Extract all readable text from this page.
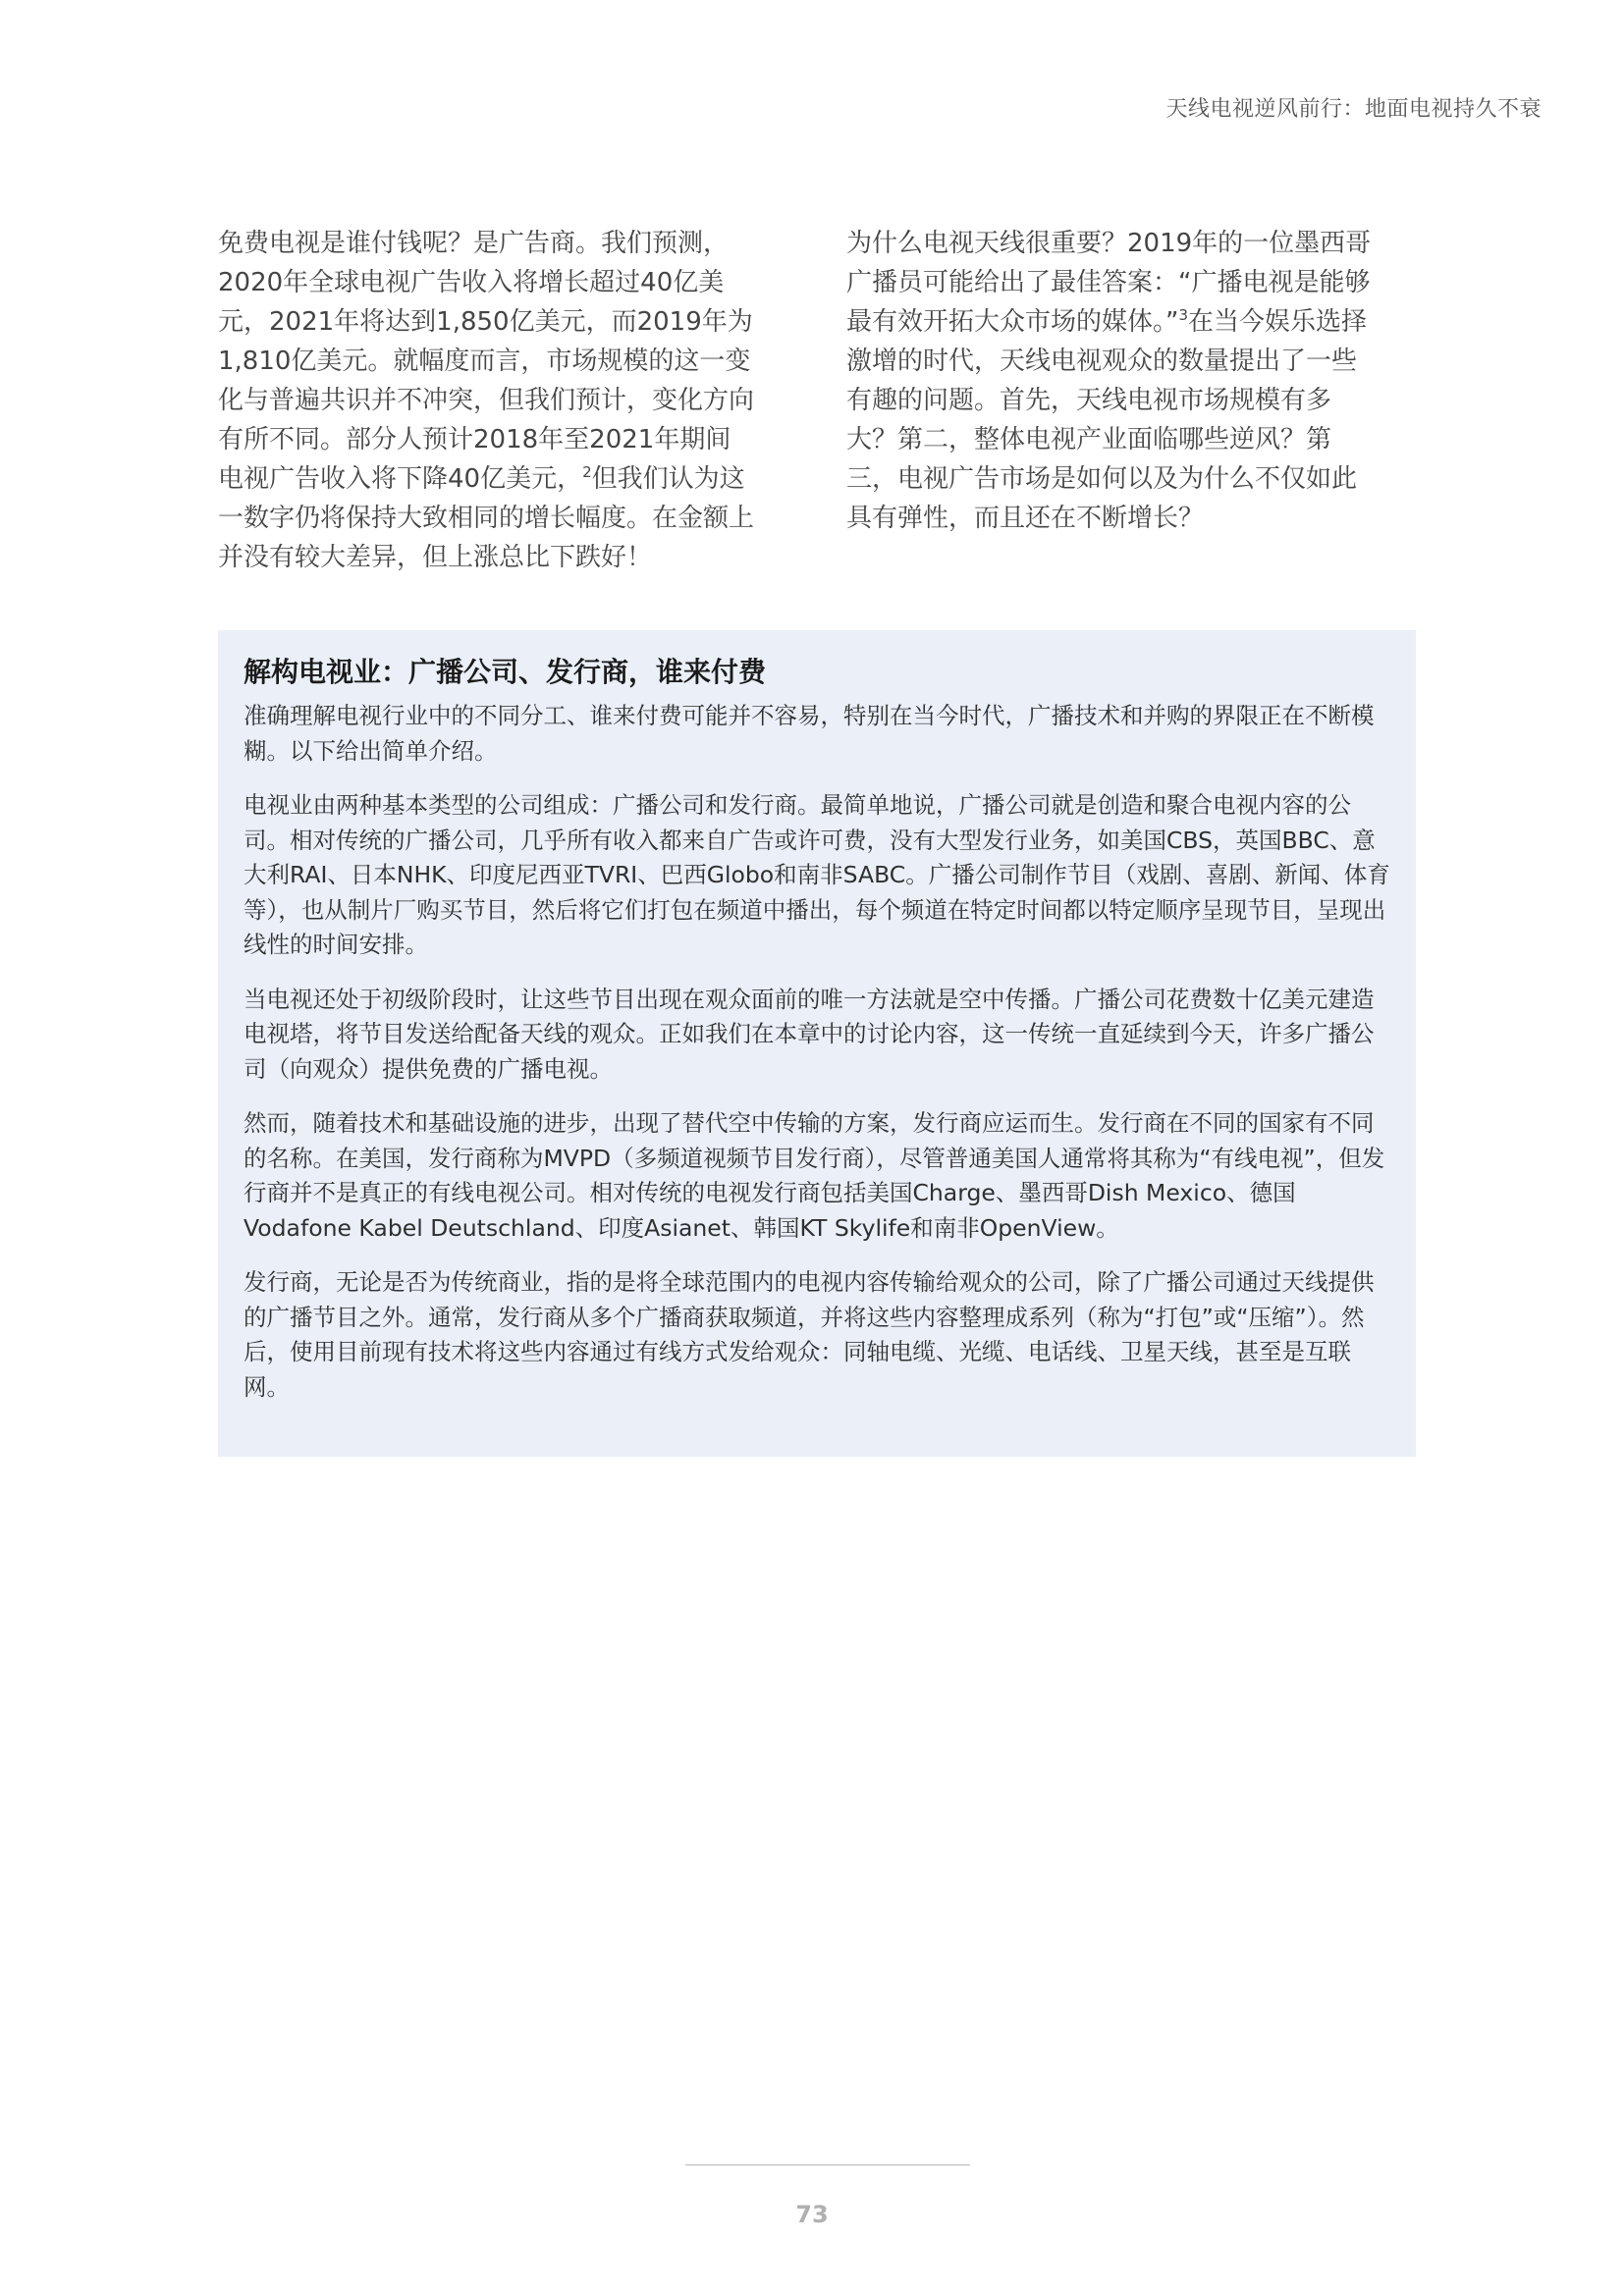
天线电视逆风前行：地面电视持久不衰

免费电视是谁付钱呢？是广告商。我们预测，2020年全球电视广告收入将增长超过40亿美元，2021年将达到1,850亿美元，而2019年为1,810亿美元。就幅度而言，市场规模的这一变化与普遍共识并不冲突，但我们预计，变化方向有所不同。部分人预计2018年至2021年期间电视广告收入将下降40亿美元，$^2$但我们认为这一数字仍将保持大致相同的增长幅度。在金额上并没有较大差异，但上涨总比下跌好！

为什么电视天线很重要？2019年的一位墨西哥广播员可能给出了最佳答案：“广播电视是能够最有效开拓大众市场的媒体。”$^3$在当今娱乐选择激增的时代，天线电视观众的数量提出了一些有趣的问题。首先，天线电视市场规模有多大？第二，整体电视产业面临哪些逆风？第三，电视广告市场是如何以及为什么不仅如此具有弹性，而且还在不断增长？

解构电视业：广播公司、发行商，谁来付费

准确理解电视行业中的不同分工、谁来付费可能并不容易，特别在当今时代，广播技术和并购的界限正在不断模糊。以下给出简单介绍。

电视业由两种基本类型的公司组成：广播公司和发行商。最简单地说，广播公司就是创造和聚合电视内容的公司。相对传统的广播公司，几乎所有收入都来自广告或许可费，没有大型发行业务，如美国CBS，英国BBC、意大利RAI、日本NHK、印度尼西亚TVRI、巴西Globo和南非SABC。广播公司制作节目（戏剧、喜剧、新闻、体育等），也从制片厂购买节目，然后将它们打包在频道中播出，每个频道在特定时间都以特定顺序呈现节目，呈现出线性的时间安排。

当电视还处于初级阶段时，让这些节目出现在观众面前的唯一方法就是空中传播。广播公司花费数十亿美元建造电视塔，将节目发送给配备天线的观众。正如我们在本章中的讨论内容，这一传统一直延续到今天，许多广播公司（向观众）提供免费的广播电视。

然而，随着技术和基础设施的进步，出现了替代空中传输的方案，发行商应运而生。发行商在不同的国家有不同的名称。在美国，发行商称为MVPD（多频道视频节目发行商），尽管普通美国人通常将其称为“有线电视”，但发行商并不是真正的有线电视公司。相对传统的电视发行商包括美国Charge、墨西哥Dish Mexico、德国Vodafone Kabel Deutschland、印度Asianet、韩国KT Skylife和南非OpenView。

发行商，无论是否为传统商业，指的是将全球范围内的电视内容传输给观众的公司，除了广播公司通过天线提供的广播节目之外。通常，发行商从多个广播商获取频道，并将这些内容整理成系列（称为“打包”或“压缩”）。然后，使用目前现有技术将这些内容通过有线方式发给观众：同轴电缆、光缆、电话线、卫星天线，甚至是互联网。

73
